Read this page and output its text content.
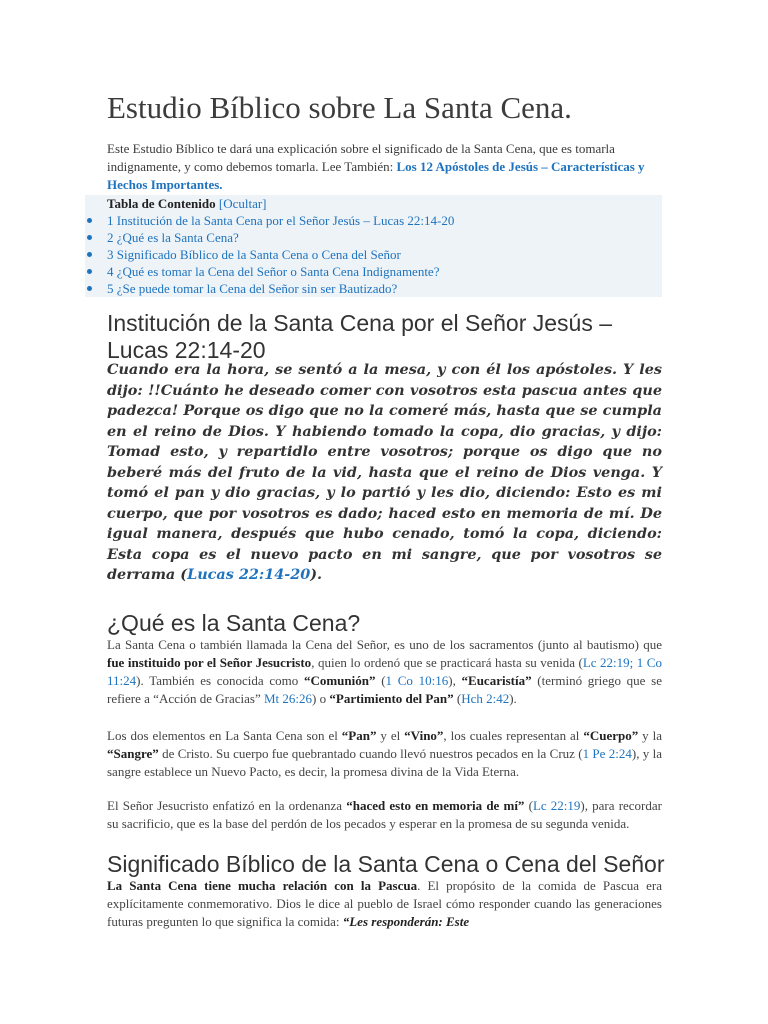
Estudio Bíblico sobre La Santa Cena.

Este Estudio Bíblico te dará una explicación sobre el significado de la Santa Cena, que es tomarla indignamente, y como debemos tomarla. Lee También: Los 12 Apóstoles de Jesús – Características y Hechos Importantes.

Tabla de Contenido [Ocultar]
1 Institución de la Santa Cena por el Señor Jesús – Lucas 22:14-20
2 ¿Qué es la Santa Cena?
3 Significado Bíblico de la Santa Cena o Cena del Señor
4 ¿Qué es tomar la Cena del Señor o Santa Cena Indignamente?
5 ¿Se puede tomar la Cena del Señor sin ser Bautizado?
Institución de la Santa Cena por el Señor Jesús – Lucas 22:14-20

Cuando era la hora, se sentó a la mesa, y con él los apóstoles. Y les dijo: !!Cuánto he deseado comer con vosotros esta pascua antes que padezca! Porque os digo que no la comeré más, hasta que se cumpla en el reino de Dios. Y habiendo tomado la copa, dio gracias, y dijo: Tomad esto, y repartidlo entre vosotros; porque os digo que no beberé más del fruto de la vid, hasta que el reino de Dios venga. Y tomó el pan y dio gracias, y lo partió y les dio, diciendo: Esto es mi cuerpo, que por vosotros es dado; haced esto en memoria de mí. De igual manera, después que hubo cenado, tomó la copa, diciendo: Esta copa es el nuevo pacto en mi sangre, que por vosotros se derrama (Lucas 22:14-20).

¿Qué es la Santa Cena?

La Santa Cena o también llamada la Cena del Señor, es uno de los sacramentos (junto al bautismo) que fue instituido por el Señor Jesucristo, quien lo ordenó que se practicará hasta su venida (Lc 22:19; 1 Co 11:24). También es conocida como “Comunión” (1 Co 10:16), “Eucaristía” (terminó griego que se refiere a “Acción de Gracias” Mt 26:26) o “Partimiento del Pan” (Hch 2:42).

Los dos elementos en La Santa Cena son el “Pan” y el “Vino”, los cuales representan al “Cuerpo” y la “Sangre” de Cristo. Su cuerpo fue quebrantado cuando llevó nuestros pecados en la Cruz (1 Pe 2:24), y la sangre establece un Nuevo Pacto, es decir, la promesa divina de la Vida Eterna.

El Señor Jesucristo enfatizó en la ordenanza “haced esto en memoria de mí” (Lc 22:19), para recordar su sacrificio, que es la base del perdón de los pecados y esperar en la promesa de su segunda venida.

Significado Bíblico de la Santa Cena o Cena del Señor

La Santa Cena tiene mucha relación con la Pascua. El propósito de la comida de Pascua era explícitamente conmemorativo. Dios le dice al pueblo de Israel cómo responder cuando las generaciones futuras pregunten lo que significa la comida: “Les responderán: Este
